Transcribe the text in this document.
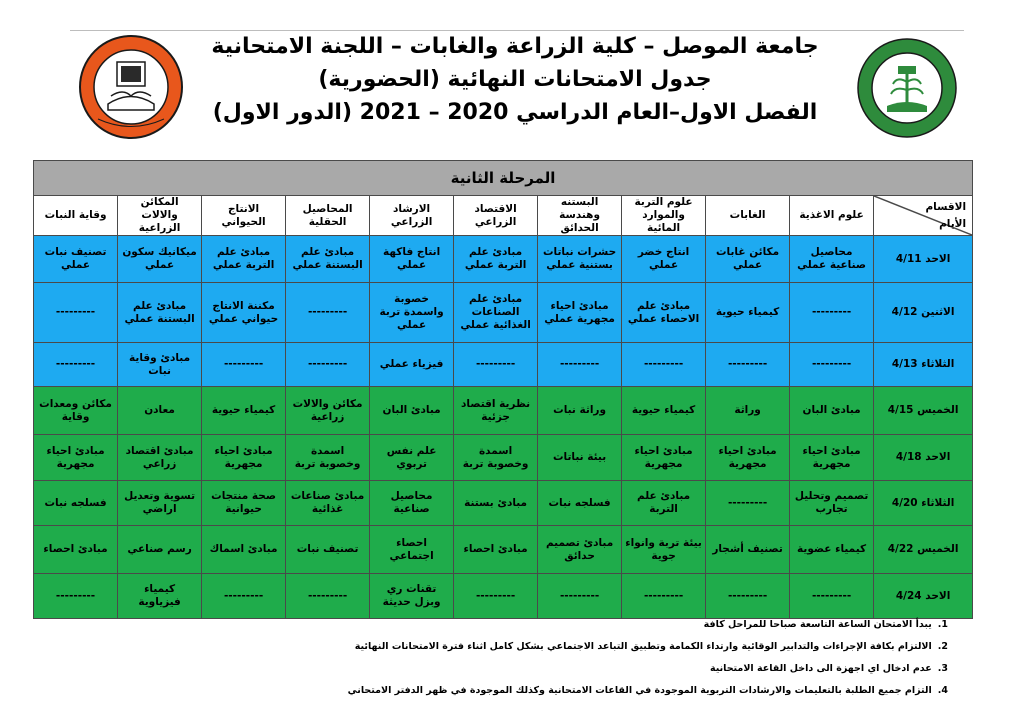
جامعة الموصل – كلية الزراعة والغابات – اللجنة الامتحانية
جدول الامتحانات النهائية (الحضورية)
الفصل الاول–العام الدراسي 2020 – 2021 (الدور الاول)
المرحلة الثانية										

الاقسام
الأيام	علوم الاغذية	الغابات	علوم التربة والموارد المائية	البستنه وهندسة الحدائق	الاقتصاد الزراعي	الارشاد الزراعي	المحاصيل الحقلية	الانتاج الحيواني	المكائن والالات الزراعية	وقاية النبات
الاحد 4/11	محاصيل صناعية عملي	مكائن غابات عملي	انتاج خضر عملي	حشرات نباتات بستنية عملي	مبادئ علم التربة عملي	انتاج فاكهة عملي	مبادئ علم البستنة عملي	مبادئ علم التربة عملي	ميكانيك سكون عملي	تصنيف نبات عملي
الاثنين 4/12	---------	كيمياء حيوية	مبادئ علم الاحصاء عملي	مبادئ احياء مجهرية عملي	مبادئ علم الصناعات الغذائية عملي	خصوبة واسمدة تربة عملي	---------	مكننة الانتاج حيواني عملي	مبادئ علم البستنة عملي	---------
الثلاثاء 4/13	---------	---------	---------	---------	---------	فيزياء عملي	---------	---------	مبادئ وقاية نبات	---------
الخميس 4/15	مبادئ البان	وراثة	كيمياء حيوية	وراثة نبات	نظرية اقتصاد جزئية	مبادئ البان	مكائن والالات زراعية	كيمياء حيوية	معادن	مكائن ومعدات وقاية
الاحد 4/18	مبادئ احياء مجهرية	مبادئ احياء مجهرية	مبادئ احياء مجهرية	بيئة نباتات	اسمدة وخصوبة تربة	علم نفس تربوي	اسمدة وخصوبة تربة	مبادئ احياء مجهرية	مبادئ اقتصاد زراعي	مبادئ احياء مجهرية
الثلاثاء 4/20	تصميم وتحليل تجارب	---------	مبادئ علم التربة	فسلجه نبات	مبادئ بستنة	محاصيل صناعية	مبادئ صناعات غذائية	صحة منتجات حيوانية	تسوية وتعديل اراضي	فسلجه نبات
الخميس 4/22	كيمياء عضوية	تصنيف أشجار	بيئة تربة وانواء جوية	مبادئ تصميم حدائق	مبادئ احصاء	احصاء اجتماعي	تصنيف نبات	مبادئ اسماك	رسم صناعي	مبادئ احصاء
الاحد 4/24	---------	---------	---------	---------	---------	تقنات ري وبزل حديثة	---------	---------	كيمياء فيزياوية	---------
1.يبدأ الامتحان الساعة التاسعة صباحا للمراحل كافة
2.الالتزام بكافة الإجراءات والتدابير الوقائية وارتداء الكمامة وتطبيق التباعد الاجتماعي بشكل كامل اثناء فترة الامتحانات النهائية
3.عدم ادخال اي اجهزة الى داخل القاعة الامتحانية
4.التزام جميع الطلبة بالتعليمات والارشادات التربوية الموجودة في القاعات الامتحانية وكذلك الموجودة في ظهر الدفتر الامتحاني
